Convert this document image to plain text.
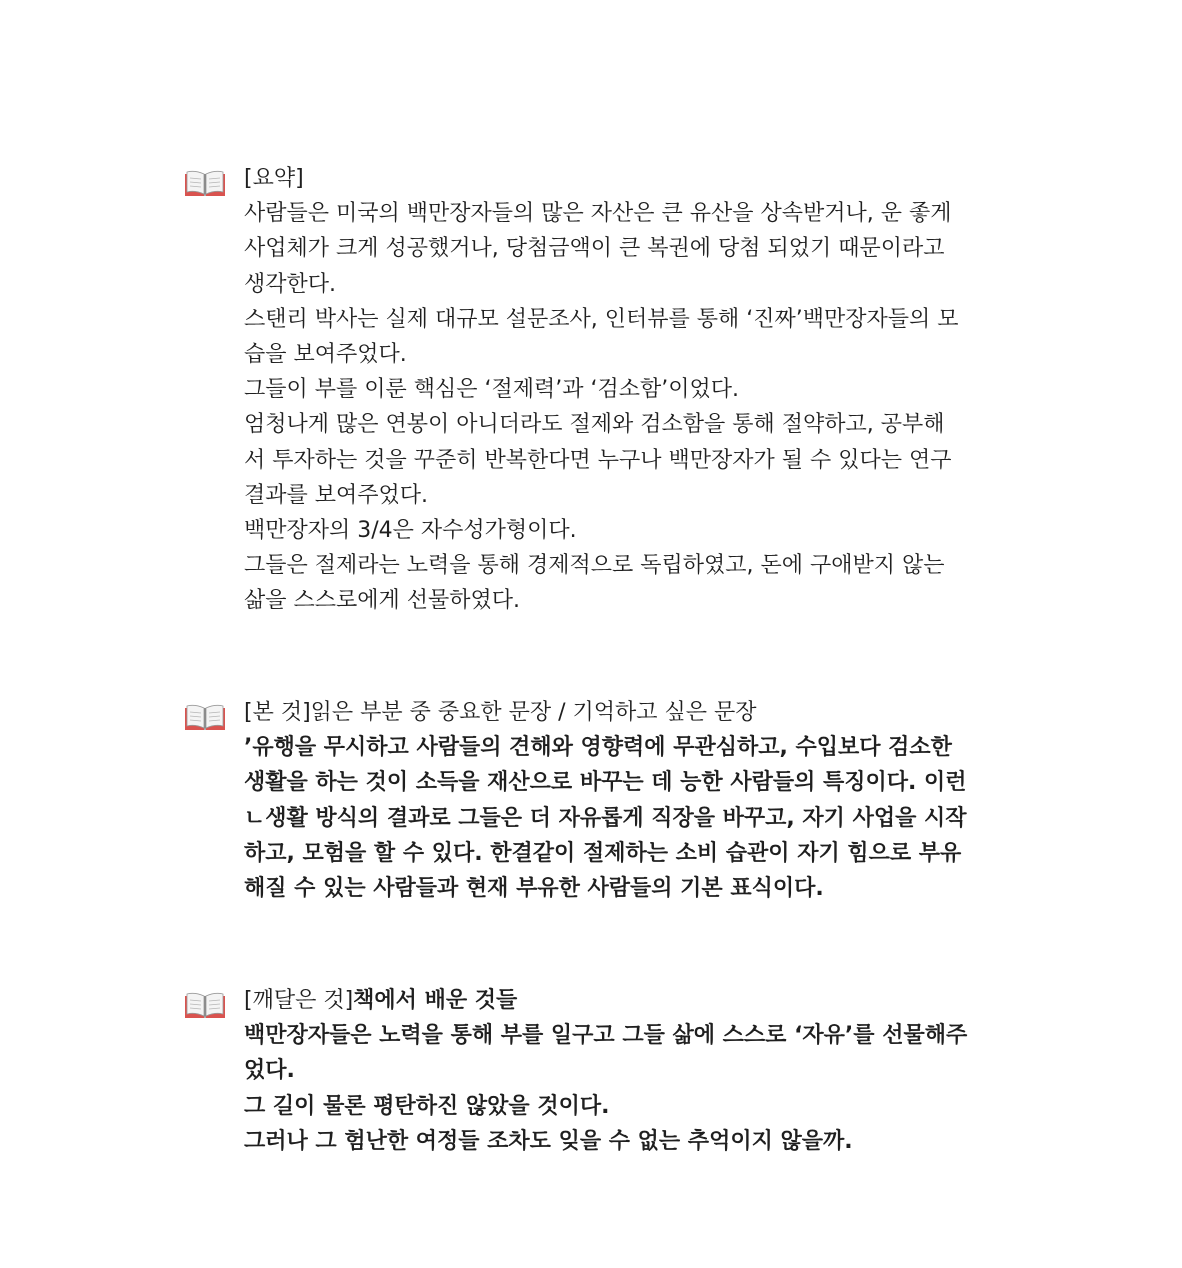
[요약]
사람들은 미국의 백만장자들의 많은 자산은 큰 유산을 상속받거나, 운 좋게
사업체가 크게 성공했거나, 당첨금액이 큰 복권에 당첨 되었기 때문이라고
생각한다.
스탠리 박사는 실제 대규모 설문조사, 인터뷰를 통해 ‘진짜’백만장자들의 모
습을 보여주었다.
그들이 부를 이룬 핵심은 ‘절제력’과 ‘검소함’이었다.
엄청나게 많은 연봉이 아니더라도 절제와 검소함을 통해 절약하고, 공부해
서 투자하는 것을 꾸준히 반복한다면 누구나 백만장자가 될 수 있다는 연구
결과를 보여주었다.
백만장자의 3/4은 자수성가형이다.
그들은 절제라는 노력을 통해 경제적으로 독립하였고, 돈에 구애받지 않는
삶을 스스로에게 선물하였다.
[본 것]읽은 부분 중 중요한 문장 / 기억하고 싶은 문장
’유행을 무시하고 사람들의 견해와 영향력에 무관심하고, 수입보다 검소한
생활을 하는 것이 소득을 재산으로 바꾸는 데 능한 사람들의 특징이다. 이런
ㄴ생활 방식의 결과로 그들은 더 자유롭게 직장을 바꾸고, 자기 사업을 시작
하고, 모험을 할 수 있다. 한결같이 절제하는 소비 습관이 자기 힘으로 부유
해질 수 있는 사람들과 현재 부유한 사람들의 기본 표식이다.
[깨달은 것]책에서 배운 것들
백만장자들은 노력을 통해 부를 일구고 그들 삶에 스스로 ‘자유’를 선물해주
었다.
그 길이 물론 평탄하진 않았을 것이다.
그러나 그 험난한 여정들 조차도 잊을 수 없는 추억이지 않을까.
